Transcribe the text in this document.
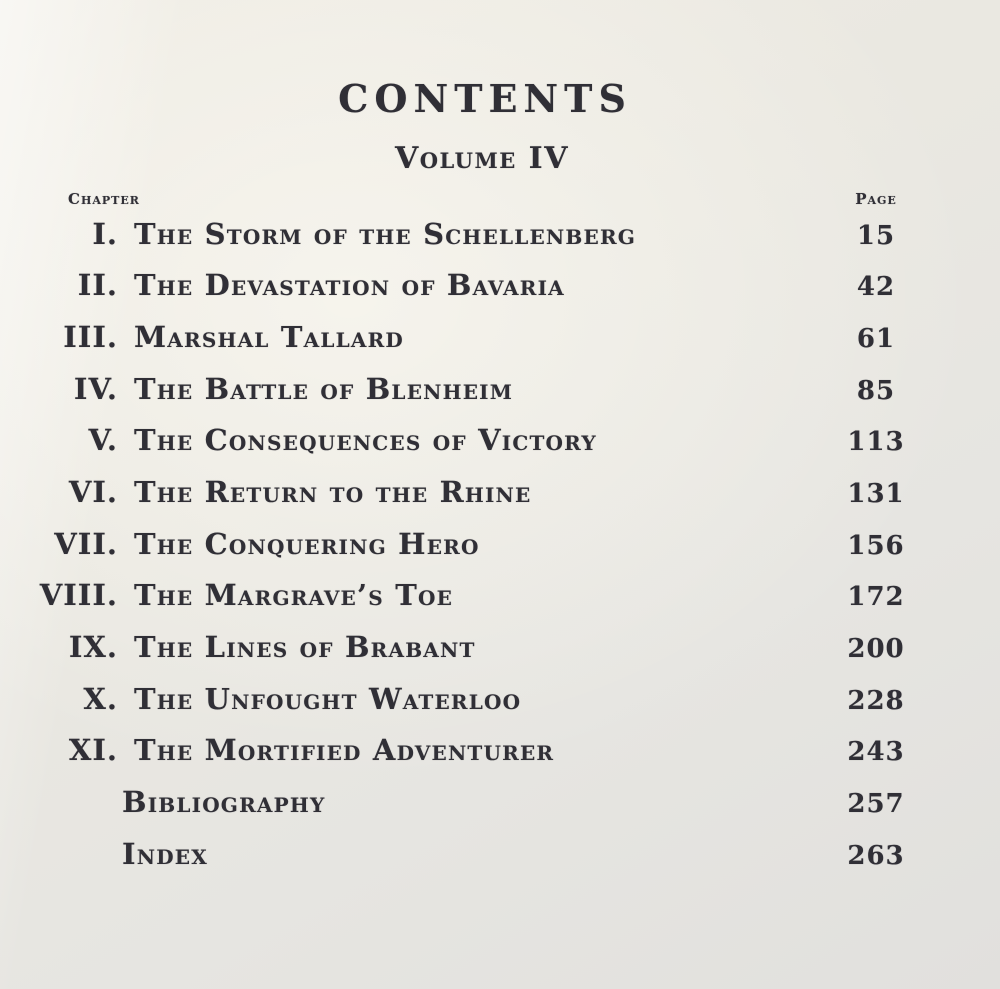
CONTENTS
Volume IV
Chapter	Page
I. The Storm of the Schellenberg	15
II. The Devastation of Bavaria	42
III. Marshal Tallard	61
IV. The Battle of Blenheim	85
V. The Consequences of Victory	113
VI. The Return to the Rhine	131
VII. The Conquering Hero	156
VIII. The Margrave’s Toe	172
IX. The Lines of Brabant	200
X. The Unfought Waterloo	228
XI. The Mortified Adventurer	243
Bibliography	257
Index	263
